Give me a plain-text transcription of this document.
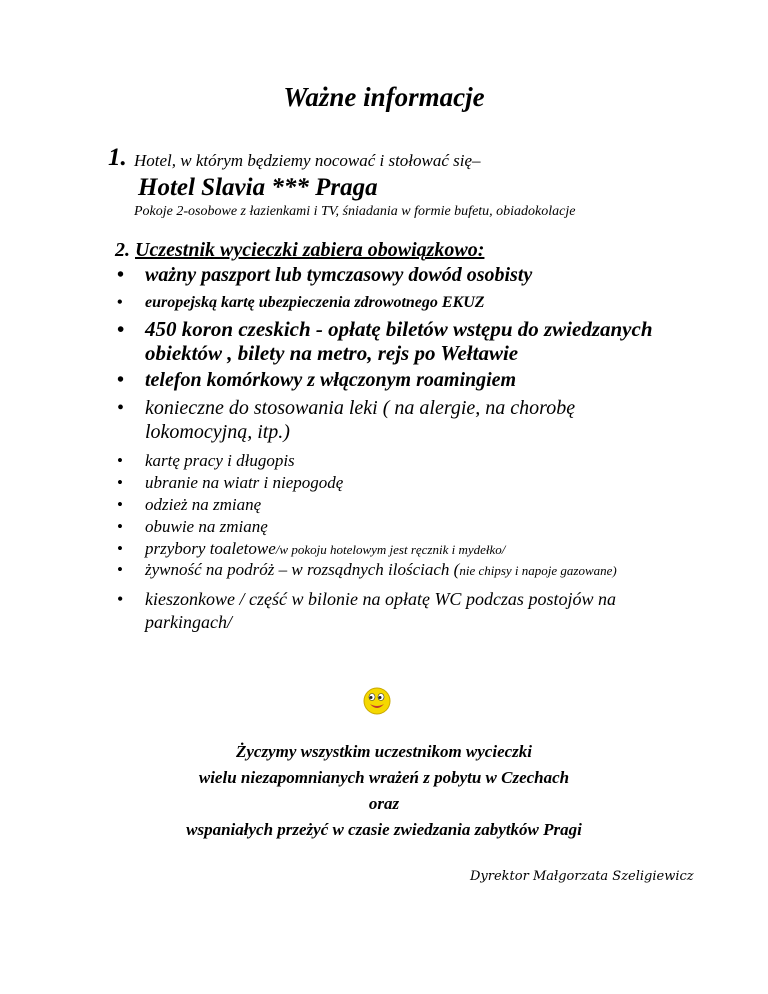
Ważne informacje
1. Hotel, w którym będziemy nocować i stołować się–
Hotel Slavia *** Praga
Pokoje 2-osobowe z łazienkami i TV, śniadania w formie bufetu, obiadokolacje
2. Uczestnik wycieczki zabiera obowiązkowo:
• ważny paszport lub tymczasowy dowód osobisty
• europejską kartę ubezpieczenia zdrowotnego EKUZ
• 450 koron czeskich - opłatę biletów wstępu do zwiedzanych obiektów , bilety na metro, rejs po Wełtawie
• telefon komórkowy z włączonym roamingiem
• konieczne do stosowania leki ( na alergie, na chorobę lokomocyjną, itp.)
• kartę pracy i długopis
• ubranie na wiatr i niepogodę
• odzież na zmianę
• obuwie na zmianę
• przybory toaletowe/w pokoju hotelowym jest ręcznik i mydełko/
• żywność na podróż – w rozsądnych ilościach (nie chipsy i napoje gazowane)
• kieszonkowe / część w bilonie na opłatę WC podczas postojów na parkingach/
Życzymy wszystkim uczestnikom wycieczki
wielu niezapomnianych wrażeń z pobytu w Czechach
oraz
wspaniałych przeżyć w czasie zwiedzania zabytków Pragi
Dyrektor Małgorzata Szeligiewicz
